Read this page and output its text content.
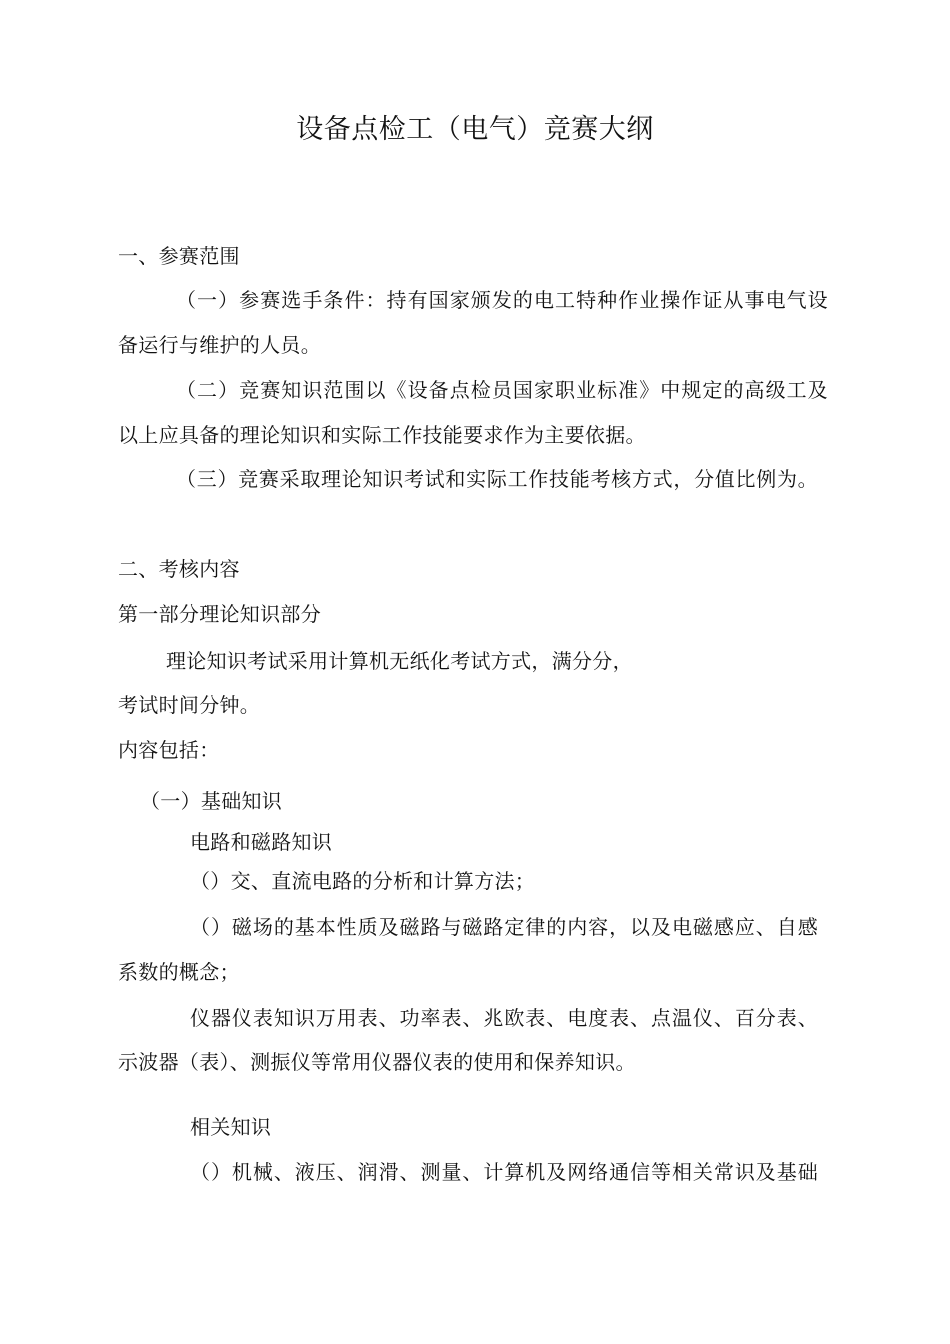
设备点检工（电气）竞赛大纲
一、参赛范围
（一）参赛选手条件：持有国家颁发的电工特种作业操作证从事电气设
备运行与维护的人员。
（二）竞赛知识范围以《设备点检员国家职业标准》中规定的高级工及
以上应具备的理论知识和实际工作技能要求作为主要依据。
（三）竞赛采取理论知识考试和实际工作技能考核方式，分值比例为。
二、考核内容
第一部分理论知识部分
理论知识考试采用计算机无纸化考试方式，满分分，
考试时间分钟。
内容包括：
（一）基础知识
电路和磁路知识
（）交、直流电路的分析和计算方法；
（）磁场的基本性质及磁路与磁路定律的内容，以及电磁感应、自感
系数的概念；
仪器仪表知识万用表、功率表、兆欧表、电度表、点温仪、百分表、
示波器（表）、测振仪等常用仪器仪表的使用和保养知识。
相关知识
（）机械、液压、润滑、测量、计算机及网络通信等相关常识及基础
